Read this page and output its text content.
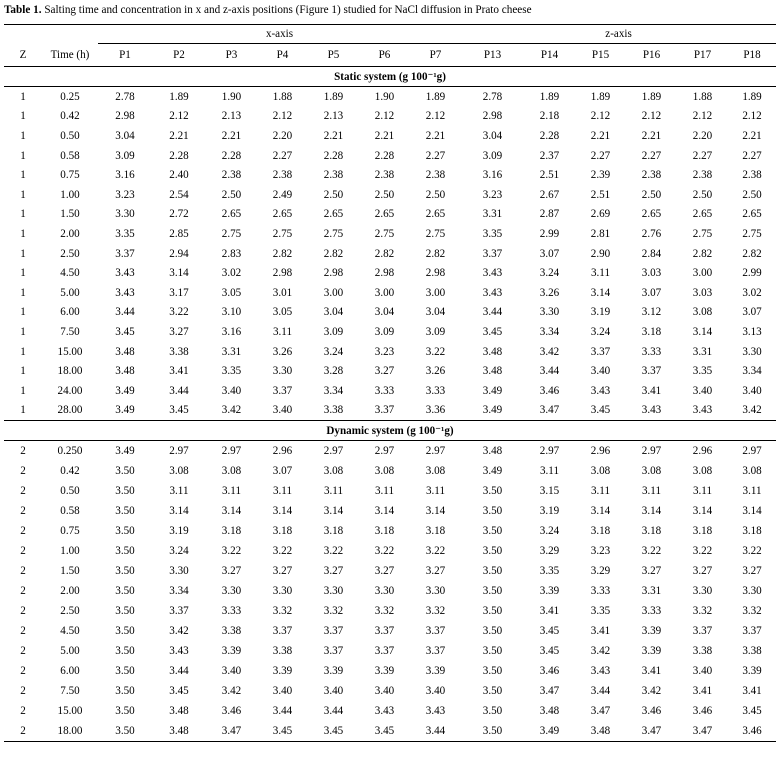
Table 1. Salting time and concentration in x and z-axis positions (Figure 1) studied for NaCl diffusion in Prato cheese
		x-axis							z-axis					
Z	Time (h)	P1	P2	P3	P4	P5	P6	P7	P13	P14	P15	P16	P17	P18
Static system (g 100⁻¹g)														
1	0.25	2.78	1.89	1.90	1.88	1.89	1.90	1.89	2.78	1.89	1.89	1.89	1.88	1.89
1	0.42	2.98	2.12	2.13	2.12	2.13	2.12	2.12	2.98	2.18	2.12	2.12	2.12	2.12
1	0.50	3.04	2.21	2.21	2.20	2.21	2.21	2.21	3.04	2.28	2.21	2.21	2.20	2.21
1	0.58	3.09	2.28	2.28	2.27	2.28	2.28	2.27	3.09	2.37	2.27	2.27	2.27	2.27
1	0.75	3.16	2.40	2.38	2.38	2.38	2.38	2.38	3.16	2.51	2.39	2.38	2.38	2.38
1	1.00	3.23	2.54	2.50	2.49	2.50	2.50	2.50	3.23	2.67	2.51	2.50	2.50	2.50
1	1.50	3.30	2.72	2.65	2.65	2.65	2.65	2.65	3.31	2.87	2.69	2.65	2.65	2.65
1	2.00	3.35	2.85	2.75	2.75	2.75	2.75	2.75	3.35	2.99	2.81	2.76	2.75	2.75
1	2.50	3.37	2.94	2.83	2.82	2.82	2.82	2.82	3.37	3.07	2.90	2.84	2.82	2.82
1	4.50	3.43	3.14	3.02	2.98	2.98	2.98	2.98	3.43	3.24	3.11	3.03	3.00	2.99
1	5.00	3.43	3.17	3.05	3.01	3.00	3.00	3.00	3.43	3.26	3.14	3.07	3.03	3.02
1	6.00	3.44	3.22	3.10	3.05	3.04	3.04	3.04	3.44	3.30	3.19	3.12	3.08	3.07
1	7.50	3.45	3.27	3.16	3.11	3.09	3.09	3.09	3.45	3.34	3.24	3.18	3.14	3.13
1	15.00	3.48	3.38	3.31	3.26	3.24	3.23	3.22	3.48	3.42	3.37	3.33	3.31	3.30
1	18.00	3.48	3.41	3.35	3.30	3.28	3.27	3.26	3.48	3.44	3.40	3.37	3.35	3.34
1	24.00	3.49	3.44	3.40	3.37	3.34	3.33	3.33	3.49	3.46	3.43	3.41	3.40	3.40
1	28.00	3.49	3.45	3.42	3.40	3.38	3.37	3.36	3.49	3.47	3.45	3.43	3.43	3.42
Dynamic system (g 100⁻¹g)														
2	0.250	3.49	2.97	2.97	2.96	2.97	2.97	2.97	3.48	2.97	2.96	2.97	2.96	2.97
2	0.42	3.50	3.08	3.08	3.07	3.08	3.08	3.08	3.49	3.11	3.08	3.08	3.08	3.08
2	0.50	3.50	3.11	3.11	3.11	3.11	3.11	3.11	3.50	3.15	3.11	3.11	3.11	3.11
2	0.58	3.50	3.14	3.14	3.14	3.14	3.14	3.14	3.50	3.19	3.14	3.14	3.14	3.14
2	0.75	3.50	3.19	3.18	3.18	3.18	3.18	3.18	3.50	3.24	3.18	3.18	3.18	3.18
2	1.00	3.50	3.24	3.22	3.22	3.22	3.22	3.22	3.50	3.29	3.23	3.22	3.22	3.22
2	1.50	3.50	3.30	3.27	3.27	3.27	3.27	3.27	3.50	3.35	3.29	3.27	3.27	3.27
2	2.00	3.50	3.34	3.30	3.30	3.30	3.30	3.30	3.50	3.39	3.33	3.31	3.30	3.30
2	2.50	3.50	3.37	3.33	3.32	3.32	3.32	3.32	3.50	3.41	3.35	3.33	3.32	3.32
2	4.50	3.50	3.42	3.38	3.37	3.37	3.37	3.37	3.50	3.45	3.41	3.39	3.37	3.37
2	5.00	3.50	3.43	3.39	3.38	3.37	3.37	3.37	3.50	3.45	3.42	3.39	3.38	3.38
2	6.00	3.50	3.44	3.40	3.39	3.39	3.39	3.39	3.50	3.46	3.43	3.41	3.40	3.39
2	7.50	3.50	3.45	3.42	3.40	3.40	3.40	3.40	3.50	3.47	3.44	3.42	3.41	3.41
2	15.00	3.50	3.48	3.46	3.44	3.44	3.43	3.43	3.50	3.48	3.47	3.46	3.46	3.45
2	18.00	3.50	3.48	3.47	3.45	3.45	3.45	3.44	3.50	3.49	3.48	3.47	3.47	3.46
